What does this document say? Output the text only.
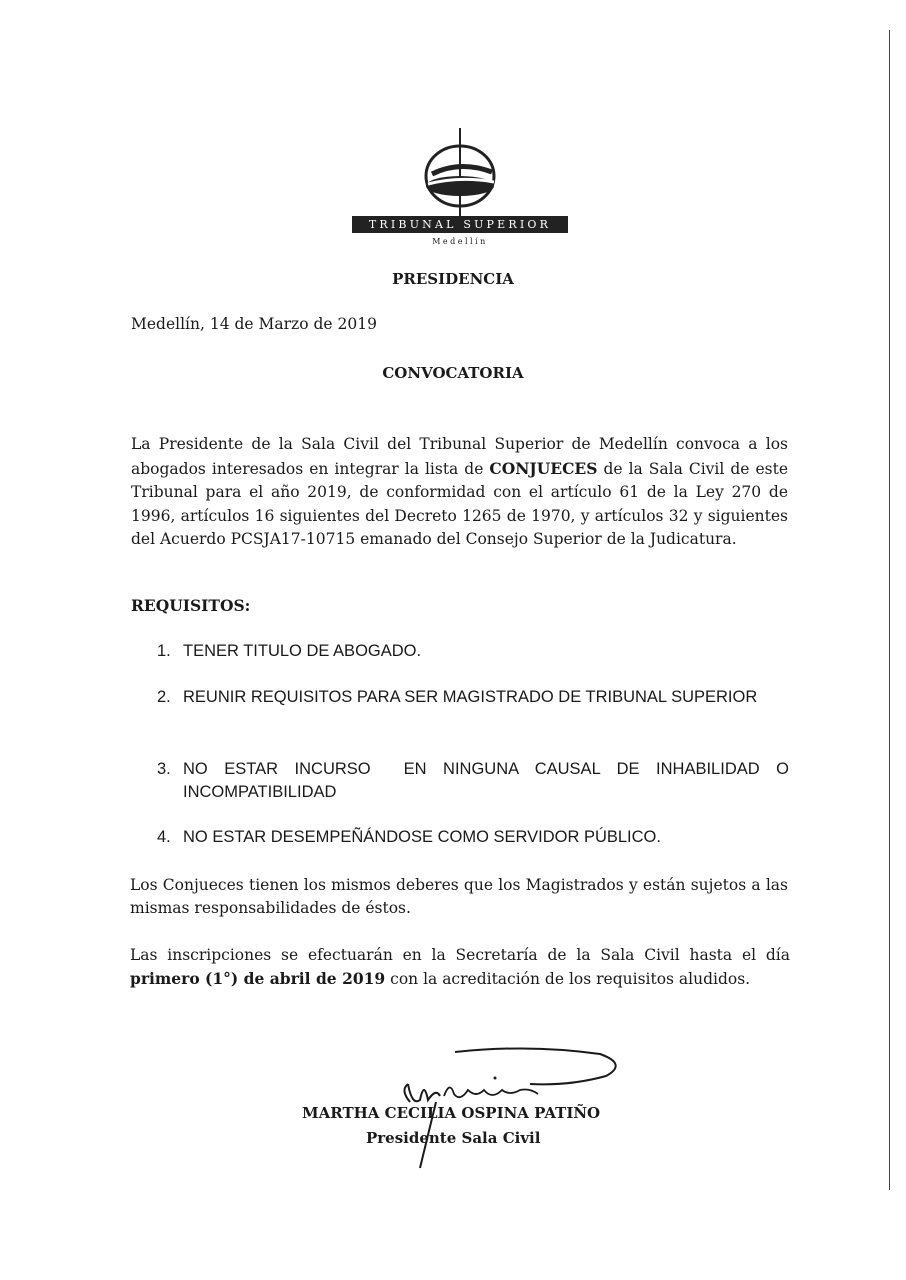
TRIBUNAL SUPERIOR
Medellín
PRESIDENCIA
Medellín, 14 de Marzo de 2019
CONVOCATORIA
La Presidente de la Sala Civil del Tribunal Superior de Medellín convoca a los abogados interesados en integrar la lista de CONJUECES de la Sala Civil de este Tribunal para el año 2019, de conformidad con el artículo 61 de la Ley 270 de 1996, artículos 16 siguientes del Decreto 1265 de 1970, y artículos 32 y siguientes del Acuerdo PCSJA17-10715 emanado del Consejo Superior de la Judicatura.
REQUISITOS:
1. TENER TITULO DE ABOGADO.
2. REUNIR REQUISITOS PARA SER MAGISTRADO DE TRIBUNAL SUPERIOR
3. NO ESTAR INCURSO  EN NINGUNA CAUSAL DE INHABILIDAD O INCOMPATIBILIDAD
4. NO ESTAR DESEMPEÑÁNDOSE COMO SERVIDOR PÚBLICO.
Los Conjueces tienen los mismos deberes que los Magistrados y están sujetos a las mismas responsabilidades de éstos.
Las inscripciones se efectuarán en la Secretaría de la Sala Civil hasta el día primero (1°) de abril de 2019 con la acreditación de los requisitos aludidos.
MARTHA CECILIA OSPINA PATIÑO
Presidente Sala Civil
